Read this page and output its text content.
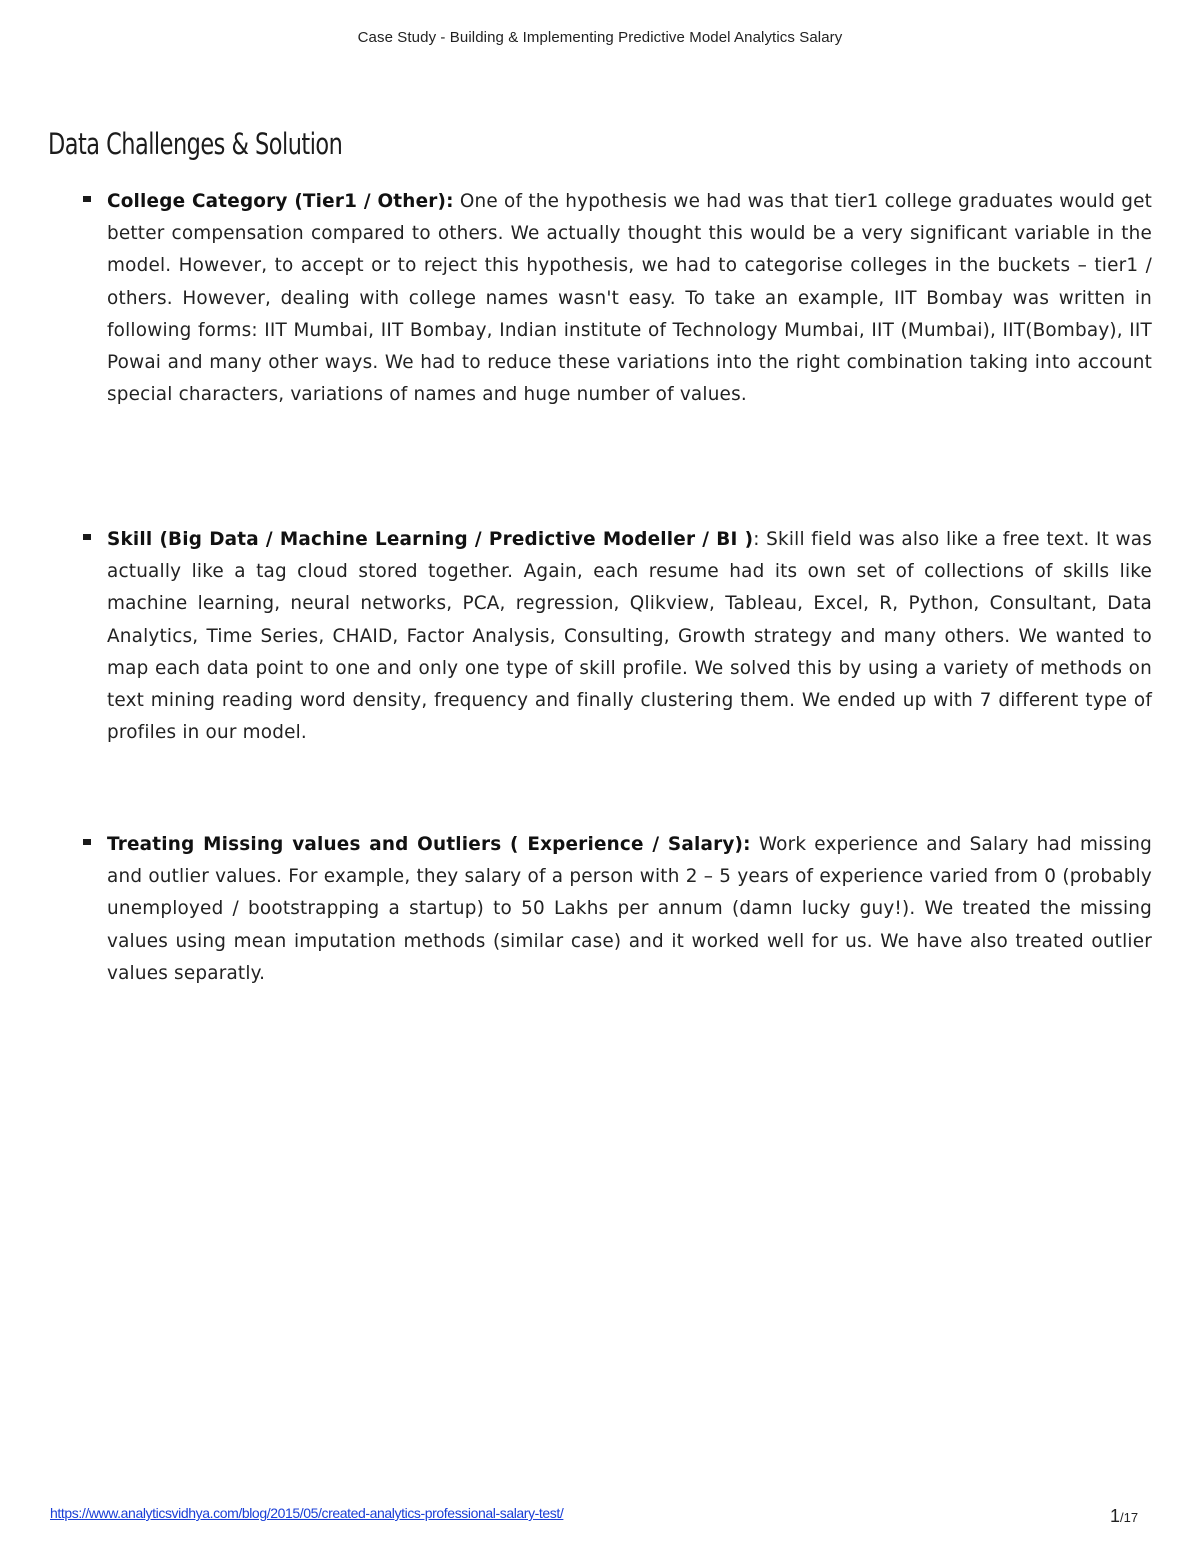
Case Study - Building & Implementing Predictive Model Analytics Salary
Data Challenges & Solution
College Category (Tier1 / Other): One of the hypothesis we had was that tier1 college graduates would get better compensation compared to others. We actually thought this would be a very significant variable in the model. However, to accept or to reject this hypothesis, we had to categorise colleges in the buckets – tier1 / others. However, dealing with college names wasn't easy. To take an example, IIT Bombay was written in following forms: IIT Mumbai, IIT Bombay, Indian institute of Technology Mumbai, IIT (Mumbai), IIT(Bombay), IIT Powai and many other ways. We had to reduce these variations into the right combination taking into account special characters, variations of names and huge number of values.
Skill (Big Data / Machine Learning / Predictive Modeller / BI ): Skill field was also like a free text. It was actually like a tag cloud stored together. Again, each resume had its own set of collections of skills like machine learning, neural networks, PCA, regression, Qlikview, Tableau, Excel, R, Python, Consultant, Data Analytics, Time Series, CHAID, Factor Analysis, Consulting, Growth strategy and many others. We wanted to map each data point to one and only one type of skill profile. We solved this by using a variety of methods on text mining reading word density, frequency and finally clustering them. We ended up with 7 different type of profiles in our model.
Treating Missing values and Outliers ( Experience / Salary): Work experience and Salary had missing and outlier values. For example, they salary of a person with 2 – 5 years of experience varied from 0 (probably unemployed / bootstrapping a startup) to 50 Lakhs per annum (damn lucky guy!). We treated the missing values using mean imputation methods (similar case) and it worked well for us. We have also treated outlier values separatly.
https://www.analyticsvidhya.com/blog/2015/05/created-analytics-professional-salary-test/	1/17
